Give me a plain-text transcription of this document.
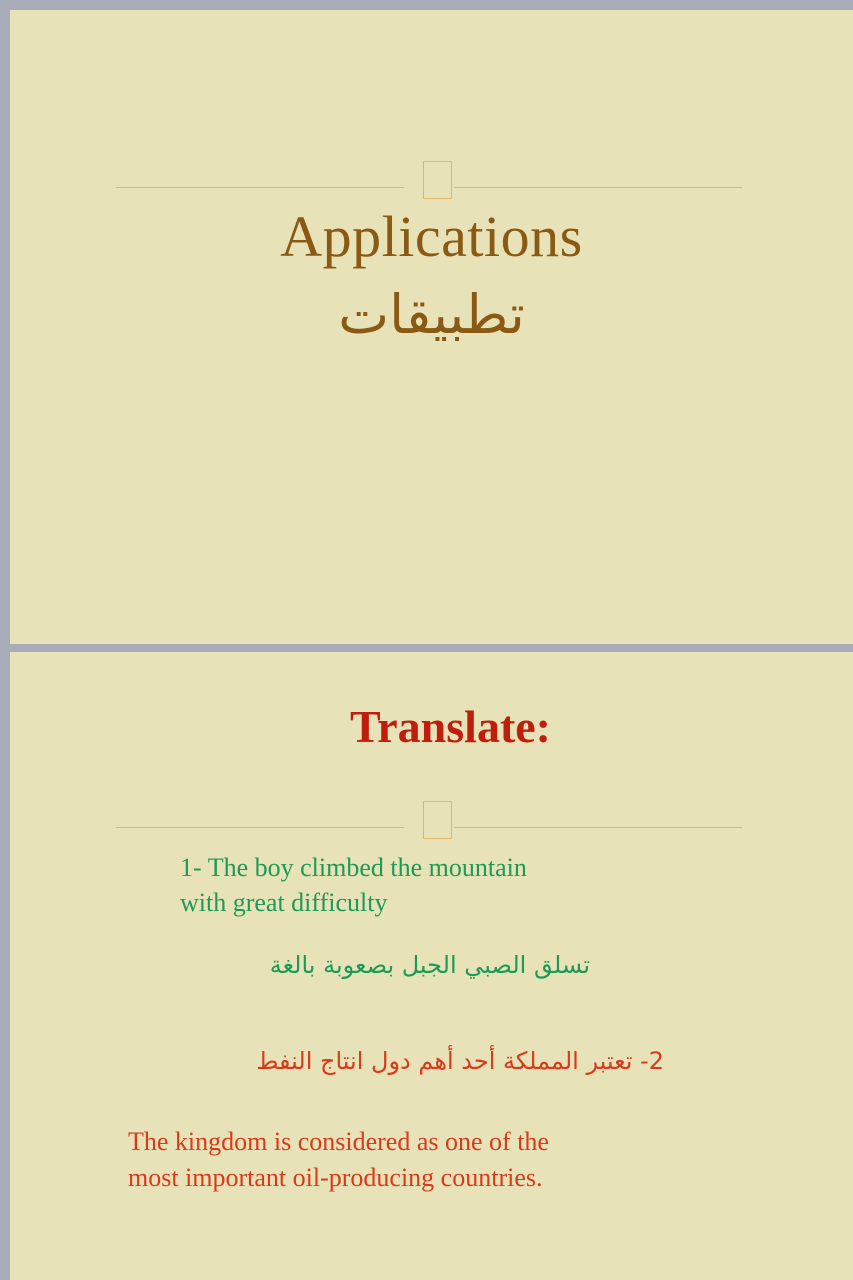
Applications
تطبيقات
Translate:
1- The boy climbed the mountain
with great difficulty
تسلق الصبي الجبل بصعوبة بالغة
2- تعتبر المملكة أحد أهم دول انتاج النفط
The kingdom is considered as one of the
most important oil-producing countries.
